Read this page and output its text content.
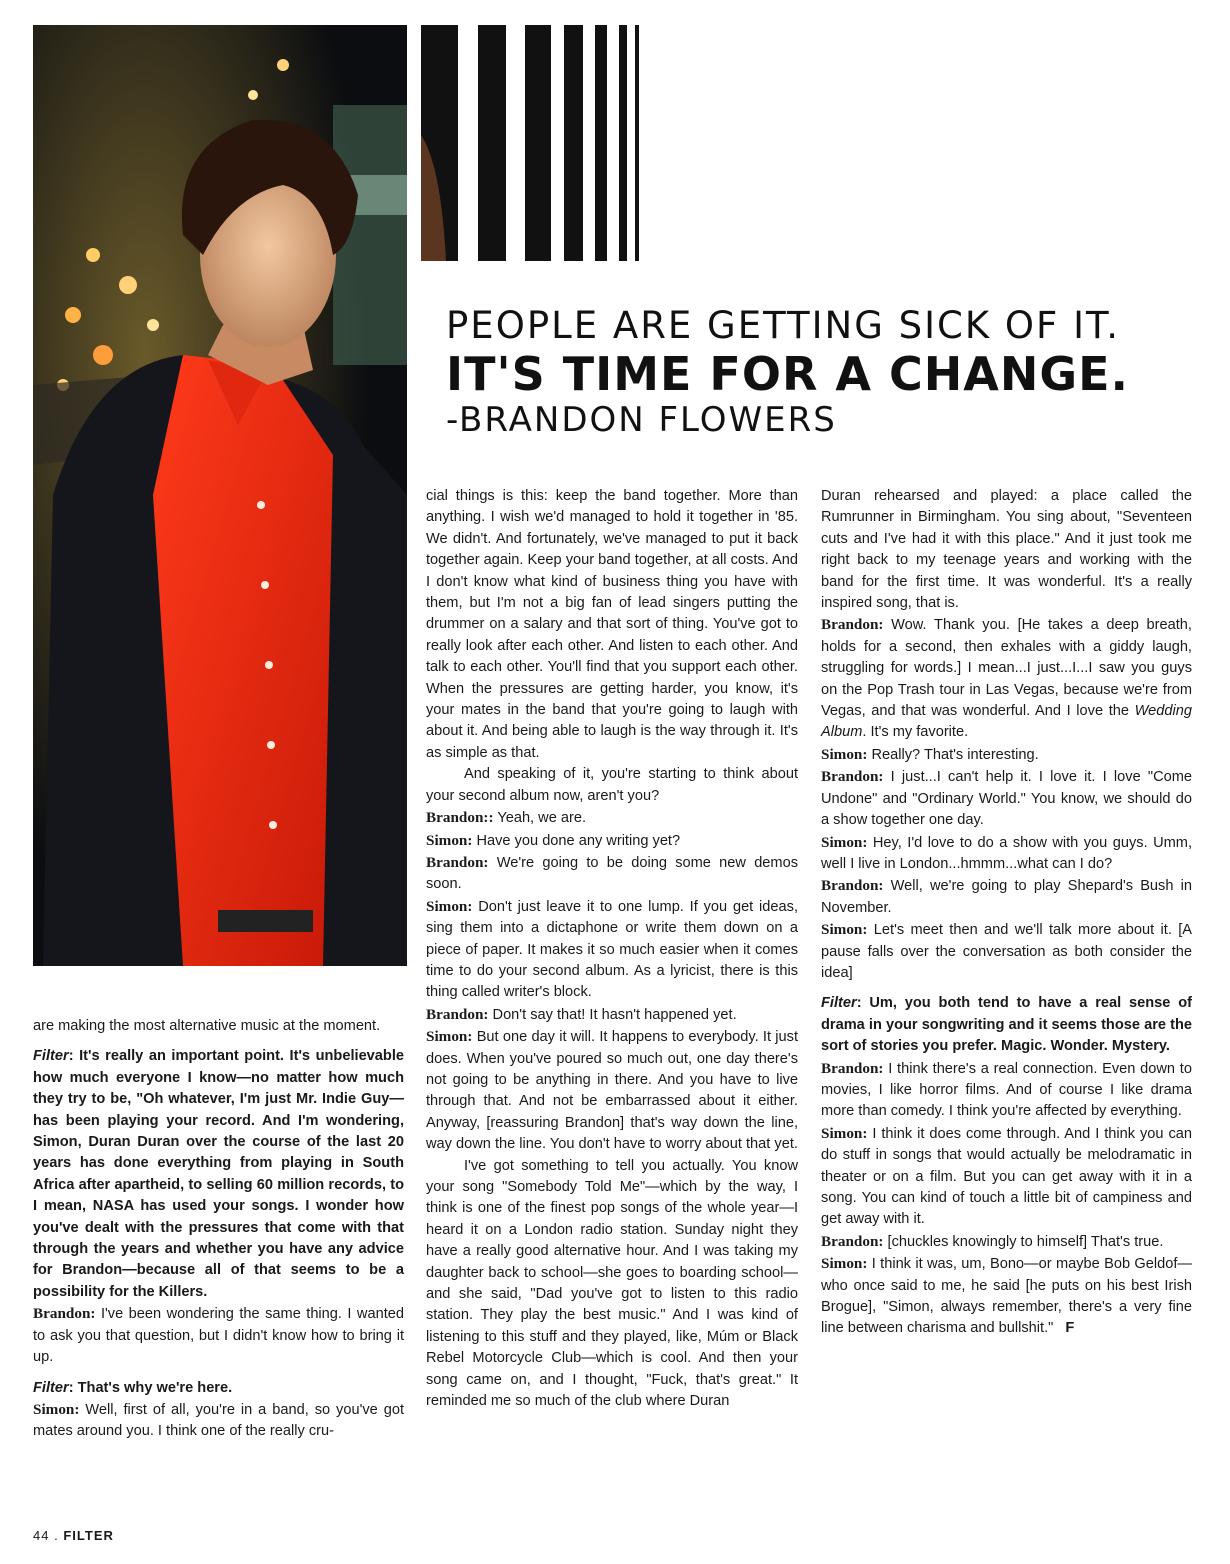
PEOPLE ARE GETTING SICK OF IT.
IT'S TIME FOR A CHANGE.
-BRANDON FLOWERS

are making the most alternative music at the moment.

Filter: It's really an important point. It's unbelievable how much everyone I know—no matter how much they try to be, "Oh whatever, I'm just Mr. Indie Guy—has been playing your record. And I'm wondering, Simon, Duran Duran over the course of the last 20 years has done everything from playing in South Africa after apartheid, to selling 60 million records, to I mean, NASA has used your songs. I wonder how you've dealt with the pressures that come with that through the years and whether you have any advice for Brandon—because all of that seems to be a possibility for the Killers.

Brandon: I've been wondering the same thing. I wanted to ask you that question, but I didn't know how to bring it up.

Filter: That's why we're here.

Simon: Well, first of all, you're in a band, so you've got mates around you. I think one of the really cru-

cial things is this: keep the band together. More than anything. I wish we'd managed to hold it together in '85. We didn't. And fortunately, we've managed to put it back together again. Keep your band together, at all costs. And I don't know what kind of business thing you have with them, but I'm not a big fan of lead singers putting the drummer on a salary and that sort of thing. You've got to really look after each other. And listen to each other. And talk to each other. You'll find that you support each other. When the pressures are getting harder, you know, it's your mates in the band that you're going to laugh with about it. And being able to laugh is the way through it. It's as simple as that.

And speaking of it, you're starting to think about your second album now, aren't you?

Brandon:: Yeah, we are.

Simon: Have you done any writing yet?

Brandon: We're going to be doing some new demos soon.

Simon: Don't just leave it to one lump. If you get ideas, sing them into a dictaphone or write them down on a piece of paper. It makes it so much easier when it comes time to do your second album. As a lyricist, there is this thing called writer's block.

Brandon: Don't say that! It hasn't happened yet.

Simon: But one day it will. It happens to everybody. It just does. When you've poured so much out, one day there's not going to be anything in there. And you have to live through that. And not be embarrassed about it either. Anyway, [reassuring Brandon] that's way down the line, way down the line. You don't have to worry about that yet.

I've got something to tell you actually. You know your song "Somebody Told Me"—which by the way, I think is one of the finest pop songs of the whole year—I heard it on a London radio station. Sunday night they have a really good alternative hour. And I was taking my daughter back to school—she goes to boarding school—and she said, "Dad you've got to listen to this radio station. They play the best music." And I was kind of listening to this stuff and they played, like, Múm or Black Rebel Motorcycle Club—which is cool. And then your song came on, and I thought, "Fuck, that's great." It reminded me so much of the club where Duran

Duran rehearsed and played: a place called the Rumrunner in Birmingham. You sing about, "Seventeen cuts and I've had it with this place." And it just took me right back to my teenage years and working with the band for the first time. It was wonderful. It's a really inspired song, that is.

Brandon: Wow. Thank you. [He takes a deep breath, holds for a second, then exhales with a giddy laugh, struggling for words.] I mean...I just...I...I saw you guys on the Pop Trash tour in Las Vegas, because we're from Vegas, and that was wonderful. And I love the Wedding Album. It's my favorite.

Simon: Really? That's interesting.

Brandon: I just...I can't help it. I love it. I love "Come Undone" and "Ordinary World." You know, we should do a show together one day.

Simon: Hey, I'd love to do a show with you guys. Umm, well I live in London...hmmm...what can I do?

Brandon: Well, we're going to play Shepard's Bush in November.

Simon: Let's meet then and we'll talk more about it. [A pause falls over the conversation as both consider the idea]

Filter: Um, you both tend to have a real sense of drama in your songwriting and it seems those are the sort of stories you prefer. Magic. Wonder. Mystery.

Brandon: I think there's a real connection. Even down to movies, I like horror films. And of course I like drama more than comedy. I think you're affected by everything.

Simon: I think it does come through. And I think you can do stuff in songs that would actually be melodramatic in theater or on a film. But you can get away with it in a song. You can kind of touch a little bit of campiness and get away with it.

Brandon: [chuckles knowingly to himself] That's true.

Simon: I think it was, um, Bono—or maybe Bob Geldof—who once said to me, he said [he puts on his best Irish Brogue], "Simon, always remember, there's a very fine line between charisma and bullshit." F

44 . FILTER
